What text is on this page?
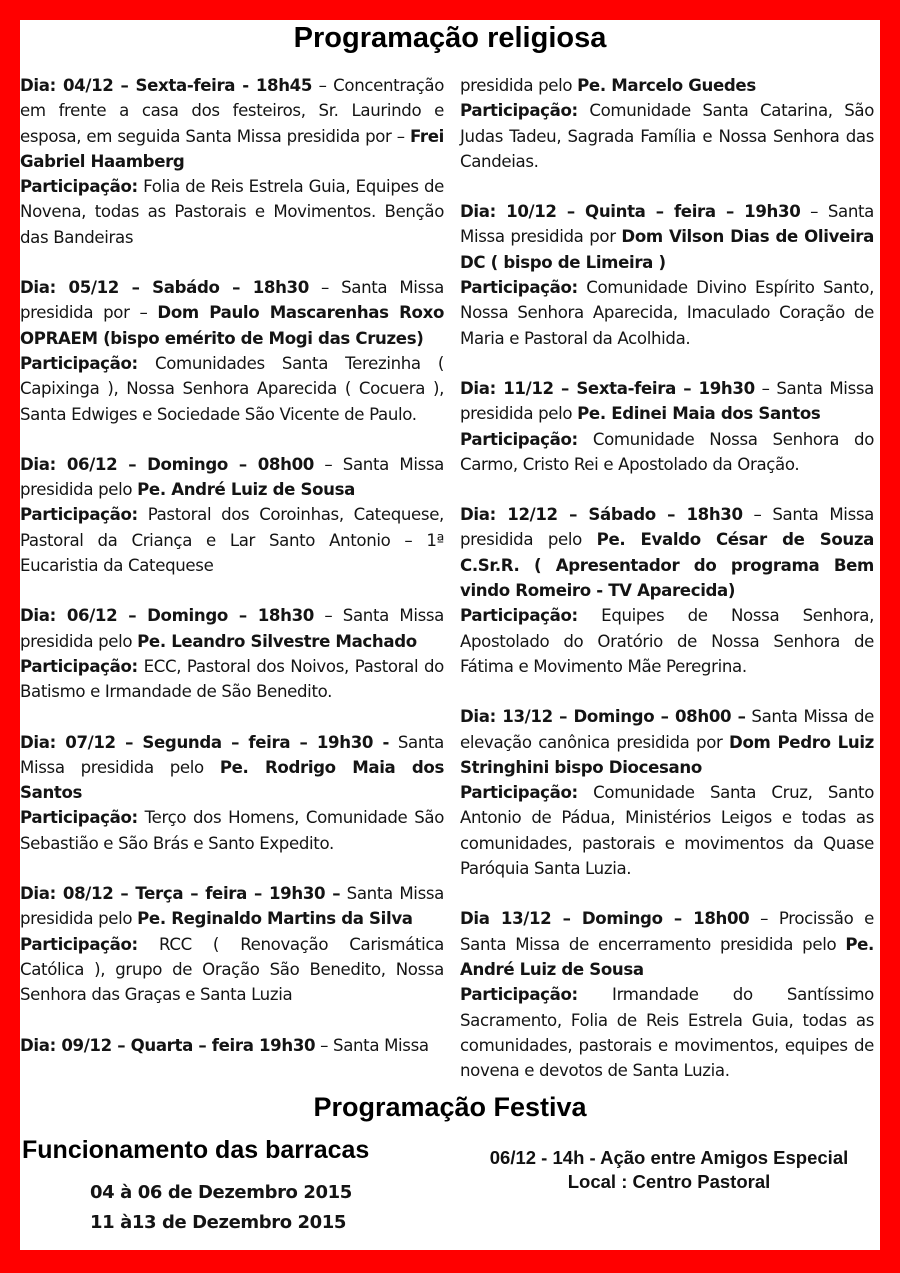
Programação religiosa
Dia: 04/12 – Sexta-feira - 18h45 – Concentração em frente a casa dos festeiros, Sr. Laurindo e esposa, em seguida Santa Missa presidida por – Frei Gabriel Haamberg
Participação: Folia de Reis Estrela Guia, Equipes de Novena, todas as Pastorais e Movimentos. Benção das Bandeiras
Dia: 05/12 – Sabádo – 18h30 – Santa Missa presidida por – Dom Paulo Mascarenhas Roxo OPRAEM (bispo emérito de Mogi das Cruzes)
Participação: Comunidades Santa Terezinha ( Capixinga ), Nossa Senhora Aparecida ( Cocuera ), Santa Edwiges e Sociedade São Vicente de Paulo.
Dia: 06/12 – Domingo – 08h00 – Santa Missa presidida pelo Pe. André Luiz de Sousa
Participação: Pastoral dos Coroinhas, Catequese, Pastoral da Criança e Lar Santo Antonio – 1ª Eucaristia da Catequese
Dia: 06/12 – Domingo – 18h30 – Santa Missa presidida pelo Pe. Leandro Silvestre Machado
Participação: ECC, Pastoral dos Noivos, Pastoral do Batismo e Irmandade de São Benedito.
Dia: 07/12 – Segunda – feira – 19h30 - Santa Missa presidida pelo Pe. Rodrigo Maia dos Santos
Participação: Terço dos Homens, Comunidade São Sebastião e São Brás e Santo Expedito.
Dia: 08/12 – Terça – feira – 19h30 – Santa Missa presidida pelo Pe. Reginaldo Martins da Silva
Participação: RCC ( Renovação Carismática Católica ), grupo de Oração São Benedito, Nossa Senhora das Graças e Santa Luzia
Dia: 09/12 – Quarta – feira 19h30 – Santa Missa
presidida pelo Pe. Marcelo Guedes
Participação: Comunidade Santa Catarina, São Judas Tadeu, Sagrada Família e Nossa Senhora das Candeias.
Dia: 10/12 – Quinta – feira – 19h30 – Santa Missa presidida por Dom Vilson Dias de Oliveira DC ( bispo de Limeira )
Participação: Comunidade Divino Espírito Santo, Nossa Senhora Aparecida, Imaculado Coração de Maria e Pastoral da Acolhida.
Dia: 11/12 – Sexta-feira – 19h30 – Santa Missa presidida pelo Pe. Edinei Maia dos Santos
Participação: Comunidade Nossa Senhora do Carmo, Cristo Rei e Apostolado da Oração.
Dia: 12/12 – Sábado – 18h30 – Santa Missa presidida pelo Pe. Evaldo César de Souza C.Sr.R. ( Apresentador do programa Bem vindo Romeiro - TV Aparecida)
Participação: Equipes de Nossa Senhora, Apostolado do Oratório de Nossa Senhora de Fátima e Movimento Mãe Peregrina.
Dia: 13/12 – Domingo – 08h00 – Santa Missa de elevação canônica presidida por Dom Pedro Luiz Stringhini bispo Diocesano
Participação: Comunidade Santa Cruz, Santo Antonio de Pádua, Ministérios Leigos e todas as comunidades, pastorais e movimentos da Quase Paróquia Santa Luzia.
Dia 13/12 – Domingo – 18h00 – Procissão e Santa Missa de encerramento presidida pelo Pe. André Luiz de Sousa
Participação: Irmandade do Santíssimo Sacramento, Folia de Reis Estrela Guia, todas as comunidades, pastorais e movimentos, equipes de novena e devotos de Santa Luzia.
Programação Festiva
Funcionamento das barracas
04 à 06 de Dezembro 2015
11 à13 de Dezembro 2015
06/12 - 14h - Ação entre Amigos Especial
Local : Centro Pastoral
